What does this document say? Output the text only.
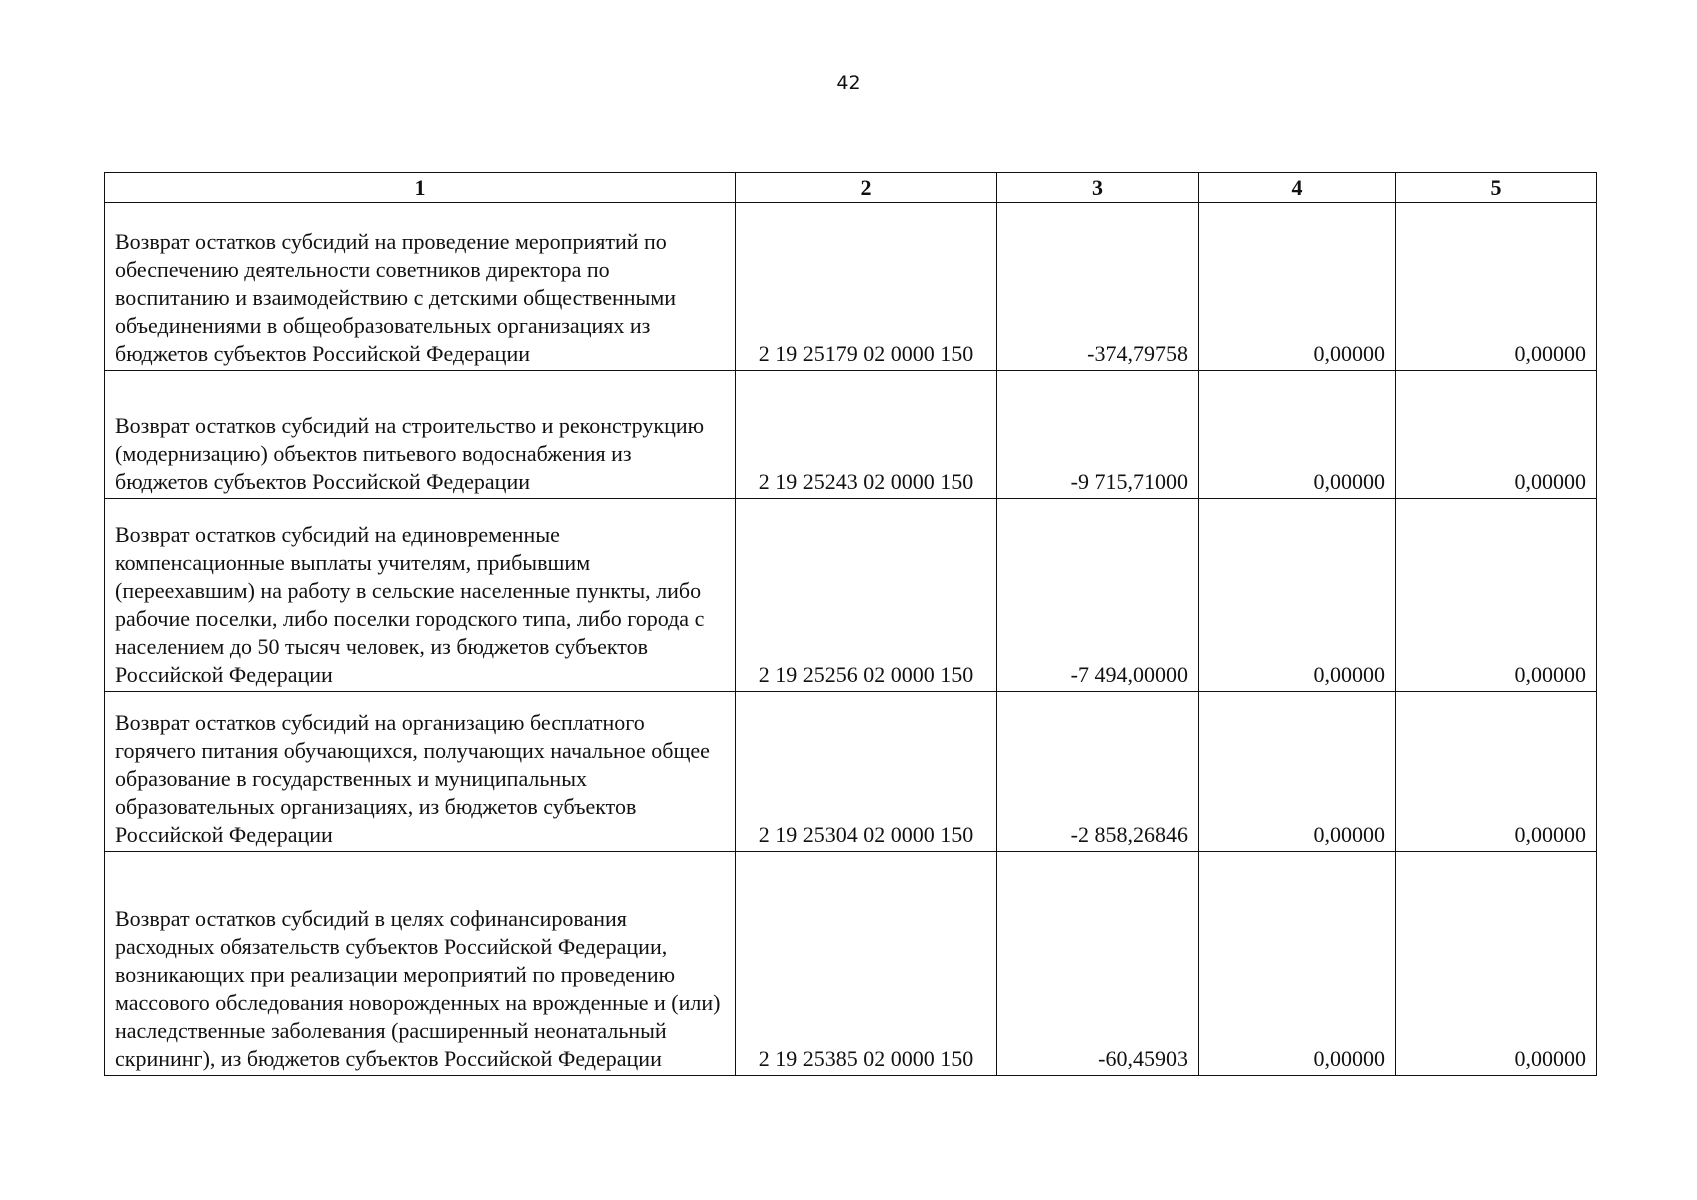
42
1	2	3	4	5
Возврат остатков субсидий на проведение мероприятий по обеспечению деятельности советников директора по воспитанию и взаимодействию с детскими общественными объединениями в общеобразовательных организациях из бюджетов субъектов Российской Федерации	2 19 25179 02 0000 150	-374,79758	0,00000	0,00000
Возврат остатков субсидий на строительство и реконструкцию (модернизацию) объектов питьевого водоснабжения из бюджетов субъектов Российской Федерации	2 19 25243 02 0000 150	-9 715,71000	0,00000	0,00000
Возврат остатков субсидий на единовременные компенсационные выплаты учителям, прибывшим (переехавшим) на работу в сельские населенные пункты, либо рабочие поселки, либо поселки городского типа, либо города с населением до 50 тысяч человек, из бюджетов субъектов Российской Федерации	2 19 25256 02 0000 150	-7 494,00000	0,00000	0,00000
Возврат остатков субсидий на организацию бесплатного горячего питания обучающихся, получающих начальное общее образование в государственных и муниципальных образовательных организациях, из бюджетов субъектов Российской Федерации	2 19 25304 02 0000 150	-2 858,26846	0,00000	0,00000
Возврат остатков субсидий в целях софинансирования расходных обязательств субъектов Российской Федерации, возникающих при реализации мероприятий по проведению массового обследования новорожденных на врожденные и (или) наследственные заболевания (расширенный неонатальный скрининг), из бюджетов субъектов Российской Федерации	2 19 25385 02 0000 150	-60,45903	0,00000	0,00000
